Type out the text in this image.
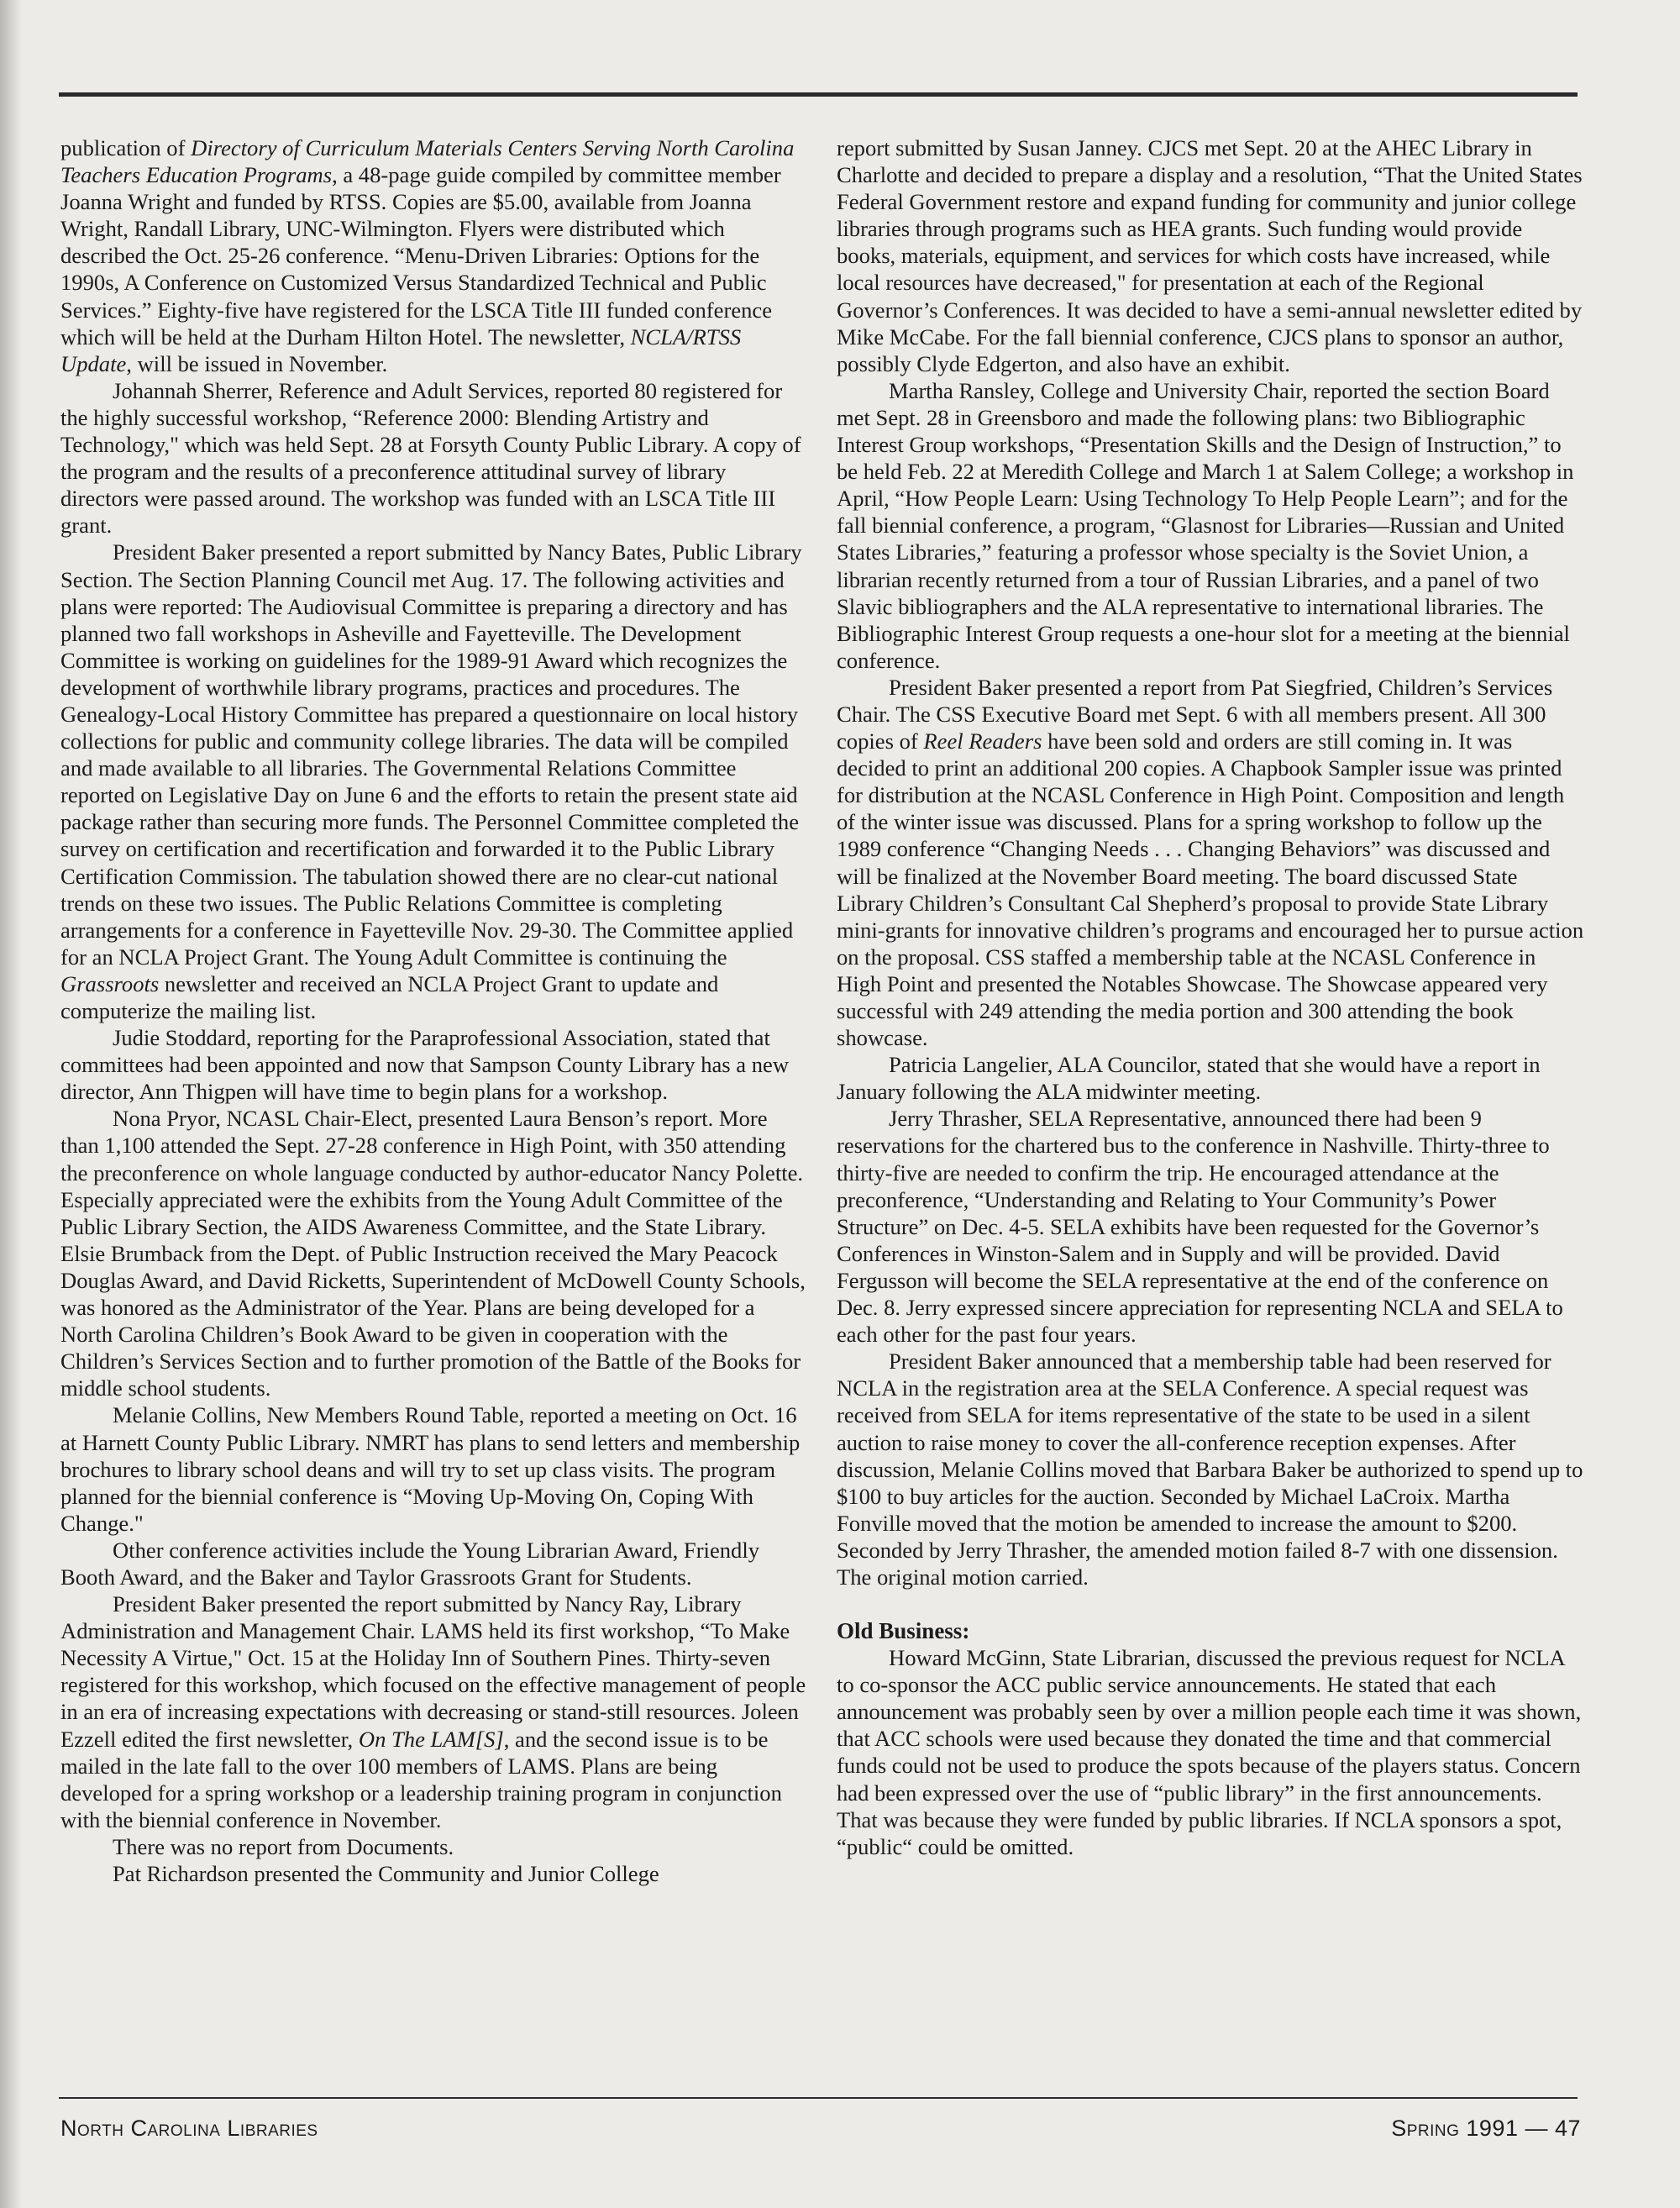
publication of Directory of Curriculum Materials Centers Serving North Carolina Teachers Education Programs, a 48-page guide compiled by committee member Joanna Wright and funded by RTSS. Copies are $5.00, available from Joanna Wright, Randall Library, UNC-Wilmington. Flyers were distributed which described the Oct. 25-26 conference. “Menu-Driven Libraries: Options for the 1990s, A Conference on Customized Versus Standardized Technical and Public Services.” Eighty-five have registered for the LSCA Title III funded conference which will be held at the Durham Hilton Hotel. The newsletter, NCLA/RTSS Update, will be issued in November.

Johannah Sherrer, Reference and Adult Services, reported 80 registered for the highly successful workshop, “Reference 2000: Blending Artistry and Technology," which was held Sept. 28 at Forsyth County Public Library. A copy of the program and the results of a preconference attitudinal survey of library directors were passed around. The workshop was funded with an LSCA Title III grant.

President Baker presented a report submitted by Nancy Bates, Public Library Section. The Section Planning Council met Aug. 17. The following activities and plans were reported: The Audiovisual Committee is preparing a directory and has planned two fall workshops in Asheville and Fayetteville. The Development Committee is working on guidelines for the 1989-91 Award which recognizes the development of worthwhile library programs, practices and procedures. The Genealogy-Local History Committee has prepared a questionnaire on local history collections for public and community college libraries. The data will be compiled and made available to all libraries. The Governmental Relations Committee reported on Legislative Day on June 6 and the efforts to retain the present state aid package rather than securing more funds. The Personnel Committee completed the survey on certification and recertification and forwarded it to the Public Library Certification Commission. The tabulation showed there are no clear-cut national trends on these two issues. The Public Relations Committee is completing arrangements for a conference in Fayetteville Nov. 29-30. The Committee applied for an NCLA Project Grant. The Young Adult Committee is continuing the Grassroots newsletter and received an NCLA Project Grant to update and computerize the mailing list.

Judie Stoddard, reporting for the Paraprofessional Association, stated that committees had been appointed and now that Sampson County Library has a new director, Ann Thigpen will have time to begin plans for a workshop.

Nona Pryor, NCASL Chair-Elect, presented Laura Benson’s report. More than 1,100 attended the Sept. 27-28 conference in High Point, with 350 attending the preconference on whole language conducted by author-educator Nancy Polette. Especially appreciated were the exhibits from the Young Adult Committee of the Public Library Section, the AIDS Awareness Committee, and the State Library. Elsie Brumback from the Dept. of Public Instruction received the Mary Peacock Douglas Award, and David Ricketts, Superintendent of McDowell County Schools, was honored as the Administrator of the Year. Plans are being developed for a North Carolina Children’s Book Award to be given in cooperation with the Children’s Services Section and to further promotion of the Battle of the Books for middle school students.

Melanie Collins, New Members Round Table, reported a meeting on Oct. 16 at Harnett County Public Library. NMRT has plans to send letters and membership brochures to library school deans and will try to set up class visits. The program planned for the biennial conference is “Moving Up-Moving On, Coping With Change."

Other conference activities include the Young Librarian Award, Friendly Booth Award, and the Baker and Taylor Grassroots Grant for Students.

President Baker presented the report submitted by Nancy Ray, Library Administration and Management Chair. LAMS held its first workshop, “To Make Necessity A Virtue," Oct. 15 at the Holiday Inn of Southern Pines. Thirty-seven registered for this workshop, which focused on the effective management of people in an era of increasing expectations with decreasing or stand-still resources. Joleen Ezzell edited the first newsletter, On The LAM[S], and the second issue is to be mailed in the late fall to the over 100 members of LAMS. Plans are being developed for a spring workshop or a leadership training program in conjunction with the biennial conference in November.

There was no report from Documents.

Pat Richardson presented the Community and Junior College

report submitted by Susan Janney. CJCS met Sept. 20 at the AHEC Library in Charlotte and decided to prepare a display and a resolution, “That the United States Federal Government restore and expand funding for community and junior college libraries through programs such as HEA grants. Such funding would provide books, materials, equipment, and services for which costs have increased, while local resources have decreased," for presentation at each of the Regional Governor’s Conferences. It was decided to have a semi-annual newsletter edited by Mike McCabe. For the fall biennial conference, CJCS plans to sponsor an author, possibly Clyde Edgerton, and also have an exhibit.

Martha Ransley, College and University Chair, reported the section Board met Sept. 28 in Greensboro and made the following plans: two Bibliographic Interest Group workshops, “Presentation Skills and the Design of Instruction,” to be held Feb. 22 at Meredith College and March 1 at Salem College; a workshop in April, “How People Learn: Using Technology To Help People Learn”; and for the fall biennial conference, a program, “Glasnost for Libraries—Russian and United States Libraries,” featuring a professor whose specialty is the Soviet Union, a librarian recently returned from a tour of Russian Libraries, and a panel of two Slavic bibliographers and the ALA representative to international libraries. The Bibliographic Interest Group requests a one-hour slot for a meeting at the biennial conference.

President Baker presented a report from Pat Siegfried, Children’s Services Chair. The CSS Executive Board met Sept. 6 with all members present. All 300 copies of Reel Readers have been sold and orders are still coming in. It was decided to print an additional 200 copies. A Chapbook Sampler issue was printed for distribution at the NCASL Conference in High Point. Composition and length of the winter issue was discussed. Plans for a spring workshop to follow up the 1989 conference “Changing Needs . . . Changing Behaviors” was discussed and will be finalized at the November Board meeting. The board discussed State Library Children’s Consultant Cal Shepherd’s proposal to provide State Library mini-grants for innovative children’s programs and encouraged her to pursue action on the proposal. CSS staffed a membership table at the NCASL Conference in High Point and presented the Notables Showcase. The Showcase appeared very successful with 249 attending the media portion and 300 attending the book showcase.

Patricia Langelier, ALA Councilor, stated that she would have a report in January following the ALA midwinter meeting.

Jerry Thrasher, SELA Representative, announced there had been 9 reservations for the chartered bus to the conference in Nashville. Thirty-three to thirty-five are needed to confirm the trip. He encouraged attendance at the preconference, “Understanding and Relating to Your Community’s Power Structure” on Dec. 4-5. SELA exhibits have been requested for the Governor’s Conferences in Winston-Salem and in Supply and will be provided. David Fergusson will become the SELA representative at the end of the conference on Dec. 8. Jerry expressed sincere appreciation for representing NCLA and SELA to each other for the past four years.

President Baker announced that a membership table had been reserved for NCLA in the registration area at the SELA Conference. A special request was received from SELA for items representative of the state to be used in a silent auction to raise money to cover the all-conference reception expenses. After discussion, Melanie Collins moved that Barbara Baker be authorized to spend up to $100 to buy articles for the auction. Seconded by Michael LaCroix. Martha Fonville moved that the motion be amended to increase the amount to $200. Seconded by Jerry Thrasher, the amended motion failed 8-7 with one dissension. The original motion carried.

Old Business:

Howard McGinn, State Librarian, discussed the previous request for NCLA to co-sponsor the ACC public service announcements. He stated that each announcement was probably seen by over a million people each time it was shown, that ACC schools were used because they donated the time and that commercial funds could not be used to produce the spots because of the players status. Concern had been expressed over the use of “public library” in the first announcements. That was because they were funded by public libraries. If NCLA sponsors a spot, “public“ could be omitted.

North Carolina Libraries	Spring 1991 — 47
